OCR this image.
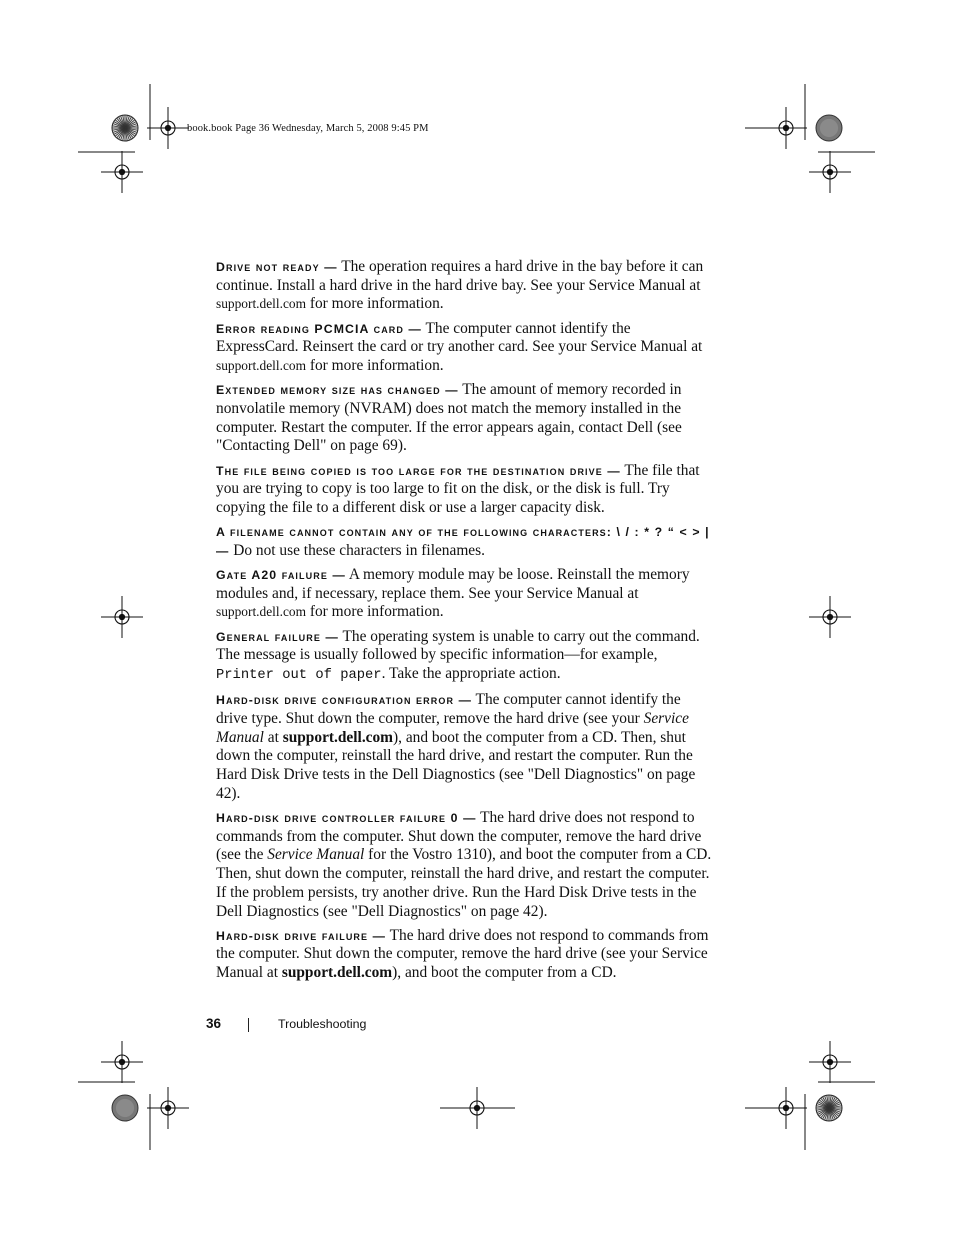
book.book Page 36 Wednesday, March 5, 2008 9:45 PM

Drive not ready — The operation requires a hard drive in the bay before it can continue. Install a hard drive in the hard drive bay. See your Service Manual at support.dell.com for more information.

Error reading PCMCIA card — The computer cannot identify the ExpressCard. Reinsert the card or try another card. See your Service Manual at support.dell.com for more information.

Extended memory size has changed — The amount of memory recorded in nonvolatile memory (NVRAM) does not match the memory installed in the computer. Restart the computer. If the error appears again, contact Dell (see "Contacting Dell" on page 69).

The file being copied is too large for the destination drive — The file that you are trying to copy is too large to fit on the disk, or the disk is full. Try copying the file to a different disk or use a larger capacity disk.

A filename cannot contain any of the following characters: \ / : * ? “ < > | — Do not use these characters in filenames.

Gate A20 failure — A memory module may be loose. Reinstall the memory modules and, if necessary, replace them. See your Service Manual at support.dell.com for more information.

General failure — The operating system is unable to carry out the command. The message is usually followed by specific information—for example, Printer out of paper. Take the appropriate action.

Hard-disk drive configuration error — The computer cannot identify the drive type. Shut down the computer, remove the hard drive (see your Service Manual at support.dell.com), and boot the computer from a CD. Then, shut down the computer, reinstall the hard drive, and restart the computer. Run the Hard Disk Drive tests in the Dell Diagnostics (see "Dell Diagnostics" on page 42).

Hard-disk drive controller failure 0 — The hard drive does not respond to commands from the computer. Shut down the computer, remove the hard drive (see the Service Manual for the Vostro 1310), and boot the computer from a CD. Then, shut down the computer, reinstall the hard drive, and restart the computer. If the problem persists, try another drive. Run the Hard Disk Drive tests in the Dell Diagnostics (see "Dell Diagnostics" on page 42).

Hard-disk drive failure — The hard drive does not respond to commands from the computer. Shut down the computer, remove the hard drive (see your Service Manual at support.dell.com), and boot the computer from a CD.

36	Troubleshooting
